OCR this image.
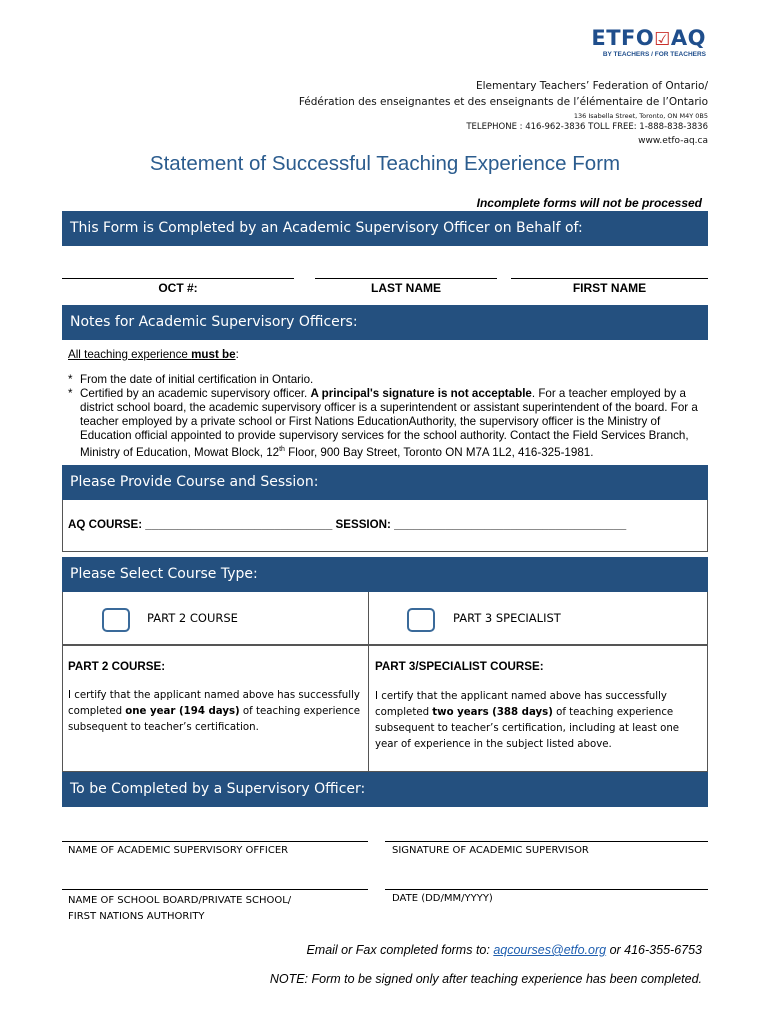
ETFO☑AQ
BY TEACHERS / FOR TEACHERS
Elementary Teachers’ Federation of Ontario/
Fédération des enseignantes et des enseignants de l’élémentaire de l’Ontario
136 Isabella Street, Toronto, ON M4Y 0B5
TELEPHONE : 416-962-3836 TOLL FREE: 1-888-838-3836
www.etfo-aq.ca
Statement of Successful Teaching Experience Form
Incomplete forms will not be processed
This Form is Completed by an Academic Supervisory Officer on Behalf of:
OCT #:	LAST NAME	FIRST NAME
Notes for Academic Supervisory Officers:
All teaching experience must be:
* From the date of initial certification in Ontario.
* Certified by an academic supervisory officer. A principal's signature is not acceptable. For a teacher employed by a district school board, the academic supervisory officer is a superintendent or assistant superintendent of the board. For a teacher employed by a private school or First Nations EducationAuthority, the supervisory officer is the Ministry of Education official appointed to provide supervisory services for the school authority. Contact the Field Services Branch, Ministry of Education, Mowat Block, 12th Floor, 900 Bay Street, Toronto ON M7A 1L2, 416-325-1981.
Please Provide Course and Session:
AQ COURSE: _____________________________ SESSION: ____________________________________
Please Select Course Type:
PART 2 COURSE	PART 3 SPECIALIST
PART 2 COURSE:
I certify that the applicant named above has successfully completed one year (194 days) of teaching experience subsequent to teacher’s certification.
PART 3/SPECIALIST COURSE:
I certify that the applicant named above has successfully completed two years (388 days) of teaching experience subsequent to teacher’s certification, including at least one year of experience in the subject listed above.
To be Completed by a Supervisory Officer:
NAME OF ACADEMIC SUPERVISORY OFFICER	SIGNATURE OF ACADEMIC SUPERVISOR
NAME OF SCHOOL BOARD/PRIVATE SCHOOL/
FIRST NATIONS AUTHORITY
DATE (DD/MM/YYYY)
Email or Fax completed forms to: aqcourses@etfo.org or 416-355-6753
NOTE: Form to be signed only after teaching experience has been completed.
